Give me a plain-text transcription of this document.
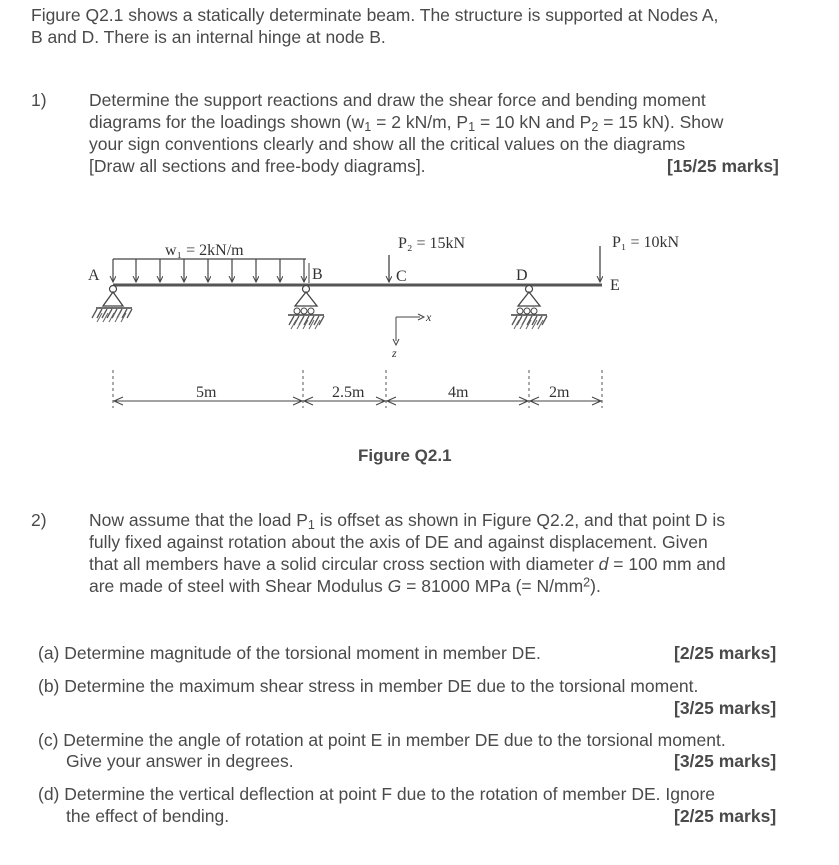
Figure Q2.1 shows a statically determinate beam. The structure is supported at Nodes A,
B and D. There is an internal hinge at node B.
1) Determine the support reactions and draw the shear force and bending moment
diagrams for the loadings shown ($w_1 = 2$ kN/m, $P_1 = 10$ kN and $P_2 = 15$ kN). Show
your sign conventions clearly and show all the critical values on the diagrams
[Draw all sections and free-body diagrams].	[15/25 marks]
w₁ = 2kN/m
A	B
P₂ = 15kN
C
x
z
D
P₁ = 10kN
E
5m	2.5m	4m	2m
Figure Q2.1
2) Now assume that the load $P_1$ is offset as shown in Figure Q2.2, and that point D is
fully fixed against rotation about the axis of DE and against displacement. Given
that all members have a solid circular cross section with diameter d = 100 mm and
are made of steel with Shear Modulus G = 81000 MPa (= $N/mm^2$).
(a) Determine magnitude of the torsional moment in member DE.	[2/25 marks]
(b) Determine the maximum shear stress in member DE due to the torsional moment.
[3/25 marks]
(c) Determine the angle of rotation at point E in member DE due to the torsional moment.
Give your answer in degrees.	[3/25 marks]
(d) Determine the vertical deflection at point F due to the rotation of member DE. Ignore
the effect of bending.	[2/25 marks]
